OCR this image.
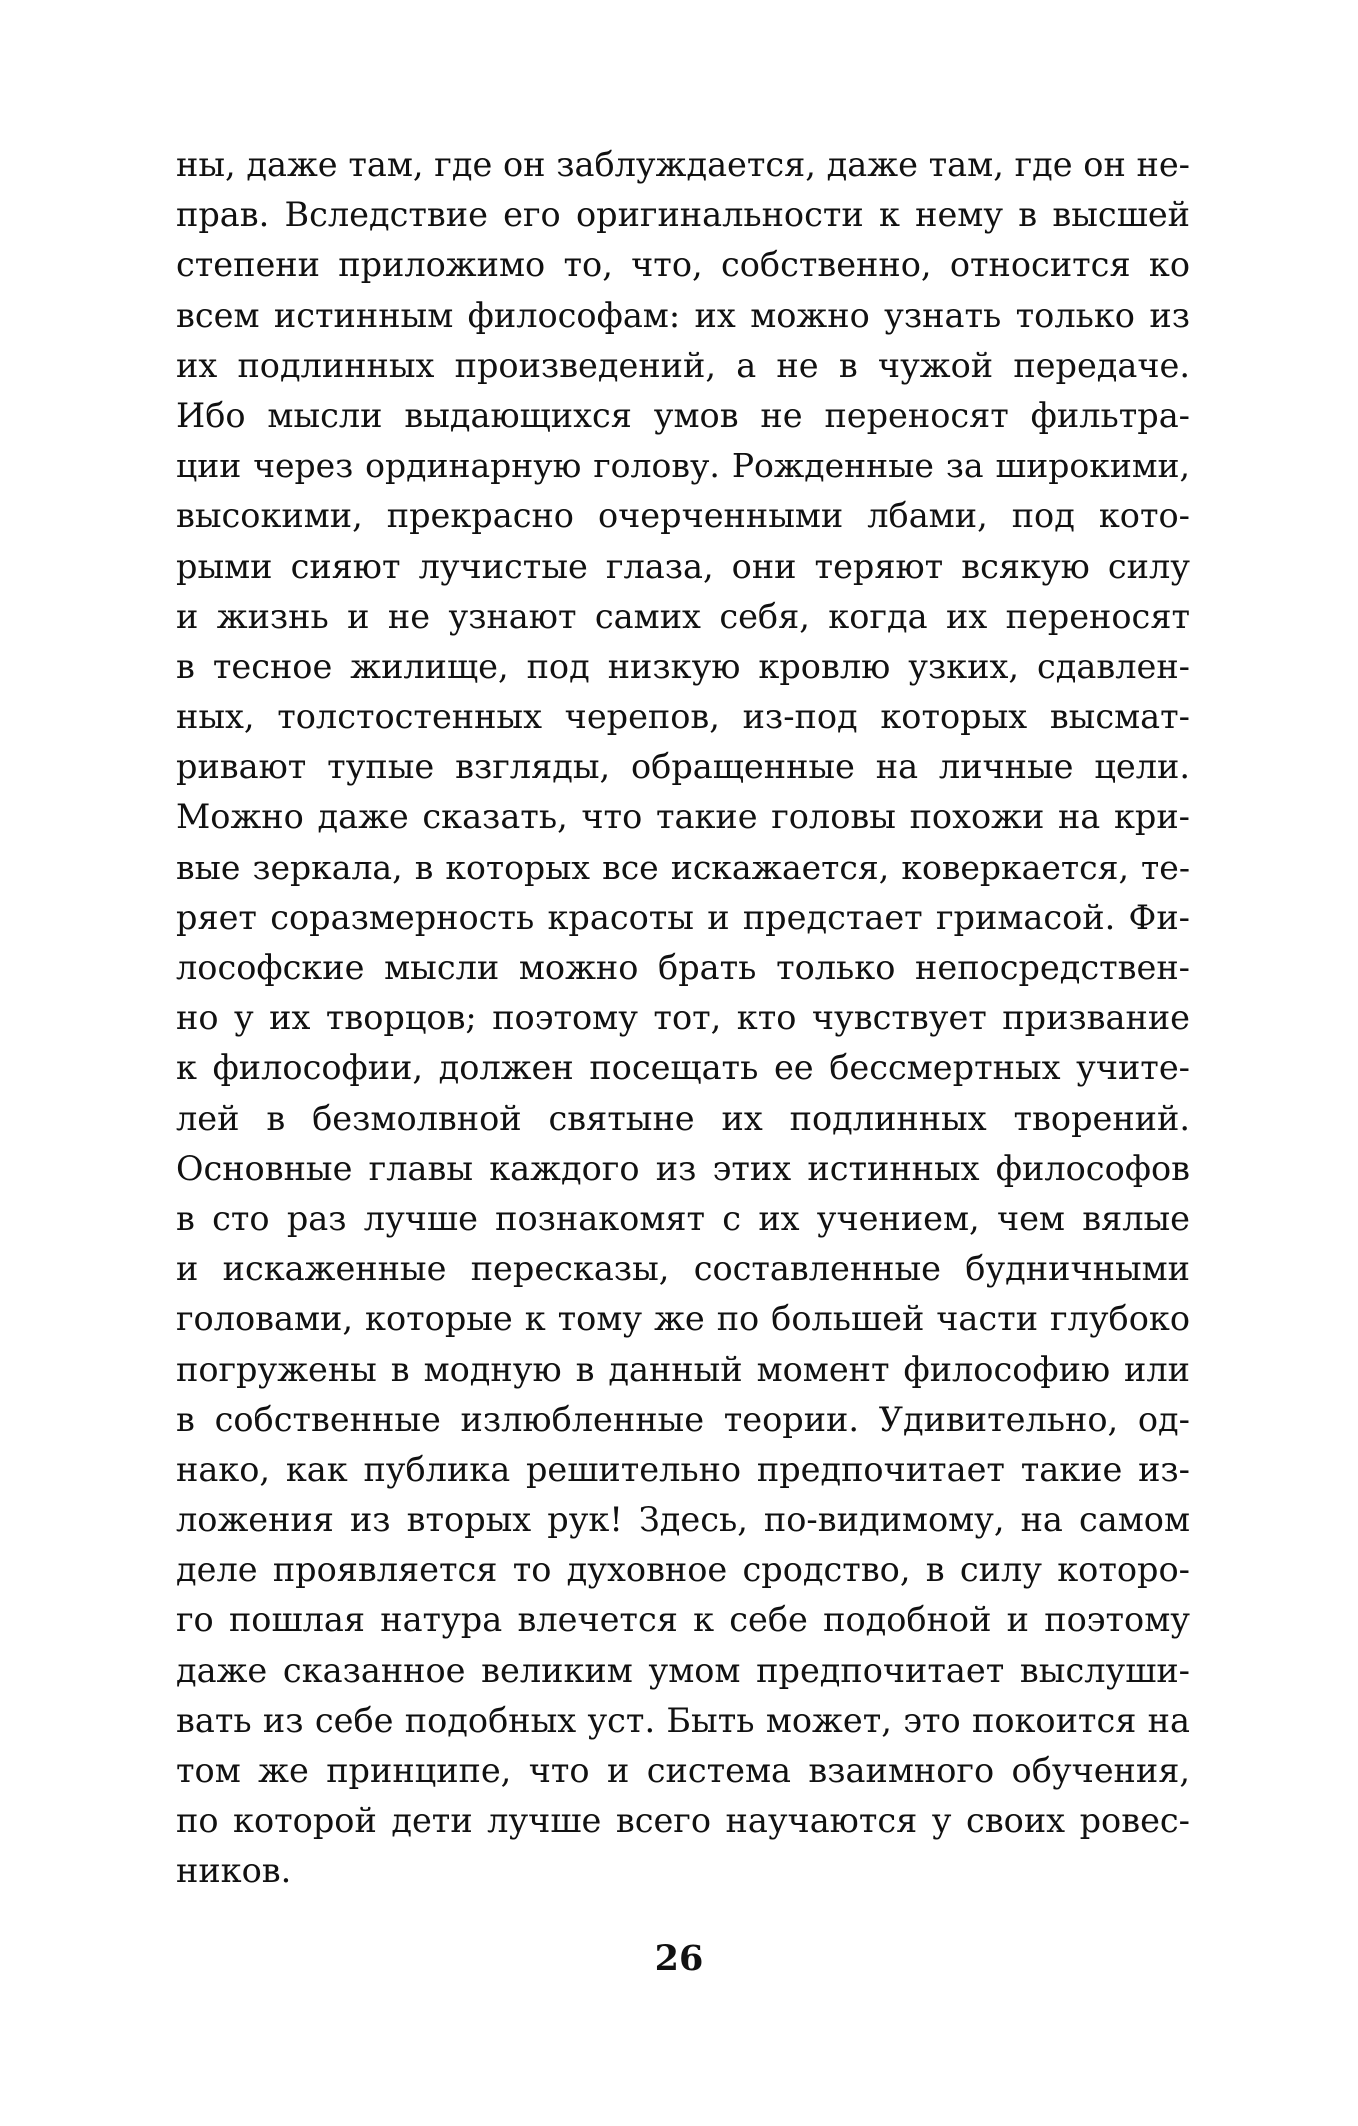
ны, даже там, где он заблуждается, даже там, где он не-
прав. Вследствие его оригинальности к нему в высшей
степени приложимо то, что, собственно, относится ко
всем истинным философам: их можно узнать только из
их подлинных произведений, а не в чужой передаче.
Ибо мысли выдающихся умов не переносят фильтра-
ции через ординарную голову. Рожденные за широкими,
высокими, прекрасно очерченными лбами, под кото-
рыми сияют лучистые глаза, они теряют всякую силу
и жизнь и не узнают самих себя, когда их переносят
в тесное жилище, под низкую кровлю узких, сдавлен-
ных, толстостенных черепов, из-под которых высмат-
ривают тупые взгляды, обращенные на личные цели.
Можно даже сказать, что такие головы похожи на кри-
вые зеркала, в которых все искажается, коверкается, те-
ряет соразмерность красоты и предстает гримасой. Фи-
лософские мысли можно брать только непосредствен-
но у их творцов; поэтому тот, кто чувствует призвание
к философии, должен посещать ее бессмертных учите-
лей в безмолвной святыне их подлинных творений.
Основные главы каждого из этих истинных философов
в сто раз лучше познакомят с их учением, чем вялые
и искаженные пересказы, составленные будничными
головами, которые к тому же по большей части глубоко
погружены в модную в данный момент философию или
в собственные излюбленные теории. Удивительно, од-
нако, как публика решительно предпочитает такие из-
ложения из вторых рук! Здесь, по-видимому, на самом
деле проявляется то духовное сродство, в силу которо-
го пошлая натура влечется к себе подобной и поэтому
даже сказанное великим умом предпочитает выслуши-
вать из себе подобных уст. Быть может, это покоится на
том же принципе, что и система взаимного обучения,
по которой дети лучше всего научаются у своих ровес-
ников.
26
